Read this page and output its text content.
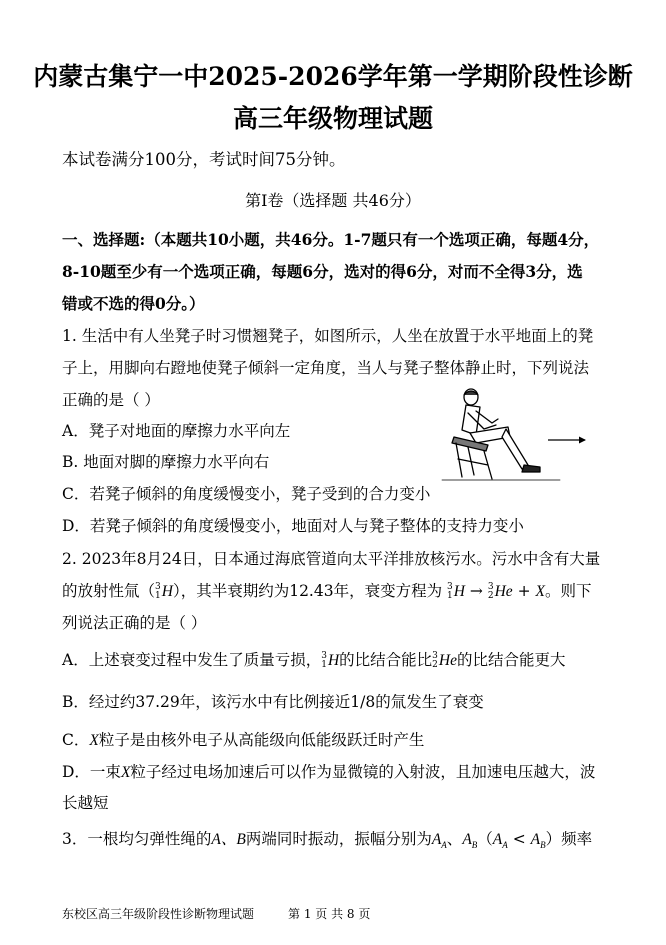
内蒙古集宁一中2025-2026学年第一学期阶段性诊断
高三年级物理试题
本试卷满分100分，考试时间75分钟。
第Ⅰ卷（选择题 共46分）
一、选择题:（本题共10小题，共46分。1-7题只有一个选项正确，每题4分，
8-10题至少有一个选项正确，每题6分，选对的得6分，对而不全得3分，选
错或不选的得0分。）
1. 生活中有人坐凳子时习惯翘凳子，如图所示，人坐在放置于水平地面上的凳
子上，用脚向右蹬地使凳子倾斜一定角度，当人与凳子整体静止时，下列说法
正确的是（ ）
A．凳子对地面的摩擦力水平向左
B. 地面对脚的摩擦力水平向右
C．若凳子倾斜的角度缓慢变小，凳子受到的合力变小
D．若凳子倾斜的角度缓慢变小，地面对人与凳子整体的支持力变小
2. 2023年8月24日，日本通过海底管道向太平洋排放核污水。污水中含有大量
的放射性氚（ 3
1 H），其半衰期约为12.43年，衰变方程为 3
1 H → 3
2 He + X。则下
列说法正确的是（ ）
A．上述衰变过程中发生了质量亏损， 3
1 H的比结合能比 3
2 He的比结合能更大
B．经过约37.29年，该污水中有比例接近1/8的氚发生了衰变
C．X粒子是由核外电子从高能级向低能级跃迁时产生
D．一束X粒子经过电场加速后可以作为显微镜的入射波，且加速电压越大，波
长越短
3．一根均匀弹性绳的A、B两端同时振动，振幅分别为$A_A$、$A_B(A_A < A_B)$频率
东校区高三年级阶段性诊断物理试题	第 1 页 共 8 页
